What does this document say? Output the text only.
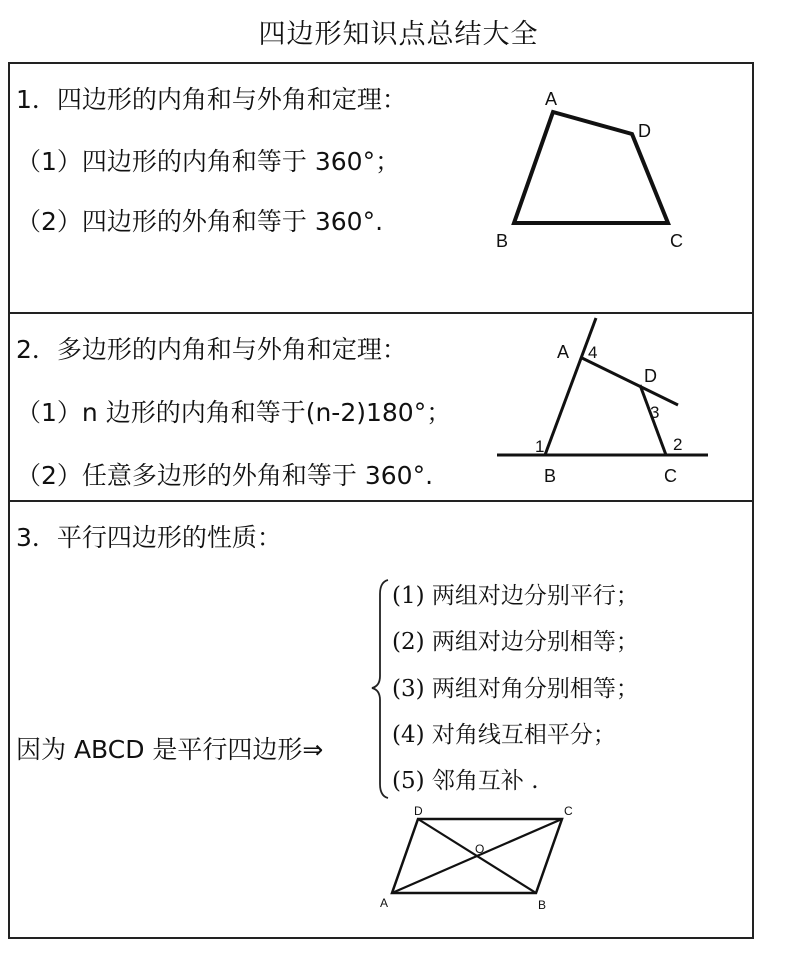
四边形知识点总结大全
1．四边形的内角和与外角和定理：
（1）四边形的内角和等于 360°；
（2）四边形的外角和等于 360°.
2．多边形的内角和与外角和定理：
（1）n 边形的内角和等于(n-2)180°；
（2）任意多边形的外角和等于 360°.
3．平行四边形的性质：
因为 ABCD 是平行四边形⇒
(1) 两组对边分别平行；
(2) 两组对边分别相等；
(3) 两组对角分别相等；
(4) 对角线互相平分；
(5) 邻角互补 .
A
D
B	C
A 4
D
3
1	2
B	C
D	C
O
A	B
